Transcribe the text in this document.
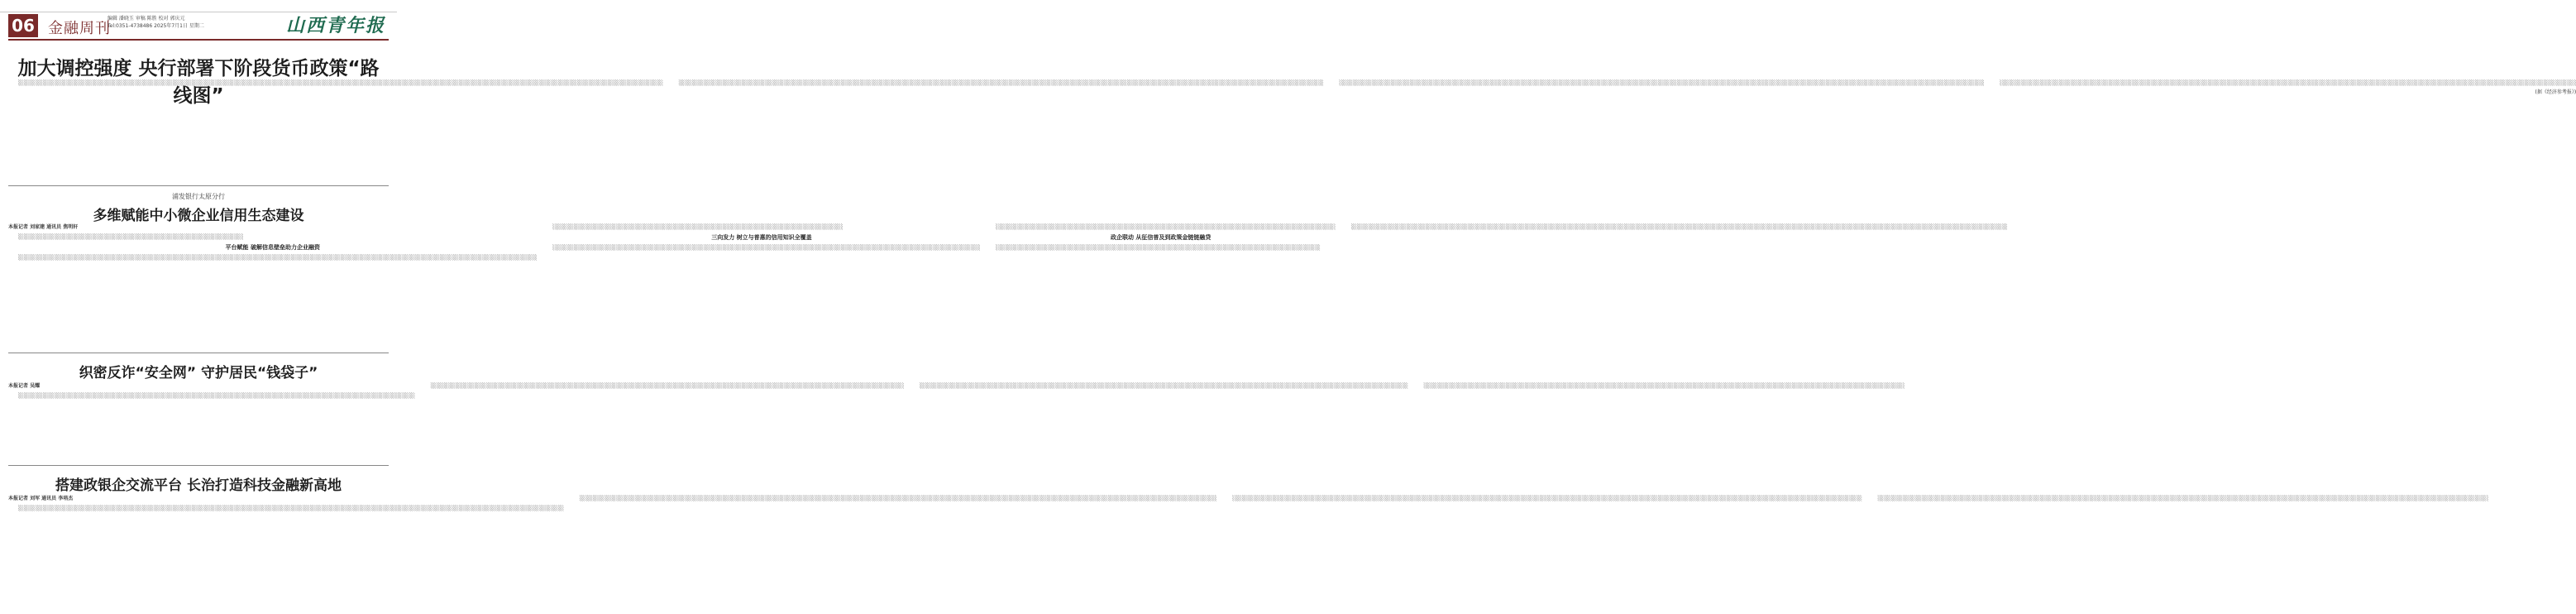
06 金融周刊
编辑 潘晓玉 审稿 陈胜 校对 郭庆元
Tel:0351-4738486 2025年7月1日 星期二	山西青年报
加大调控强度 央行部署下阶段货币政策“路线图”

░░░░░░░░░░░░░░░░░░░░░░░░░░░░░░░░░░░░░░░░░░░░░░░░░░░░░░░░░░░░░░░░░░░░░░░░░░░░░░░░░░░░░░░░░░░░░░░░░░░░░░░░░░░░░░░░░░░░░░░░░░░░░░░░░░░░░░░░░░░░░░░░░░░░░░░░░░░░░░░░░░░░░░░░░	░░░░░░░░░░░░░░░░░░░░░░░░░░░░░░░░░░░░░░░░░░░░░░░░░░░░░░░░░░░░░░░░░░░░░░░░░░░░░░░░░░░░░░░░░░░░░░░░░░░░░░░░░░░░░░░░░░░░░░░░░░░░░░░░░░░░░░░░░░░░░░░░░░░░░░░░░░░░░░░░░░░░░░░░░	░░░░░░░░░░░░░░░░░░░░░░░░░░░░░░░░░░░░░░░░░░░░░░░░░░░░░░░░░░░░░░░░░░░░░░░░░░░░░░░░░░░░░░░░░░░░░░░░░░░░░░░░░░░░░░░░░░░░░░░░░░░░░░░░░░░░░░░░░░░░░░░░░░░░░░░░░░░░░░░░░░░░░░░░░	░░░░░░░░░░░░░░░░░░░░░░░░░░░░░░░░░░░░░░░░░░░░░░░░░░░░░░░░░░░░░░░░░░░░░░░░░░░░░░░░░░░░░░░░░░░░░░░░░░░░░░░░░░░░░░░░░░░░░░░░░░░░░░░░░░░░░░░░░░░░░░░░░░░░░░░

(据《经济参考报》)
浦发银行太原分行
多维赋能中小微企业信用生态建设
本报记者 刘家建 通讯员 焦明轩

░░░░░░░░░░░░░░░░░░░░░░░░░░░░░░░░░░░░░░░░░░░░░░░░░░░░░░░░░░░

平台赋能 破解信息壁垒助力企业融资

░░░░░░░░░░░░░░░░░░░░░░░░░░░░░░░░░░░░░░░░░░░░░░░░░░░░░░░░░░░░░░░░░░░░░░░░░░░░░░░░░░░░░░░░░░░░░░░░░░░░░░░░░░░░░░░░░░░░░░░░░░░░░░░░░░░░░░░░

░░░░░░░░░░░░░░░░░░░░░░░░░░░░░░░░░░░░░░░░░░░░░░░░░░░░░░░░░░░░░░░░░░░░░░░░░░░░

三向发力 树立与普惠的信用知识全覆盖

░░░░░░░░░░░░░░░░░░░░░░░░░░░░░░░░░░░░░░░░░░░░░░░░░░░░░░░░░░░░░░░░░░░░░░░░░░░░░░░░░░░░░░░░░░░░░░░░░░░░░░░░░░░░░░░░

░░░░░░░░░░░░░░░░░░░░░░░░░░░░░░░░░░░░░░░░░░░░░░░░░░░░░░░░░░░░░░░░░░░░░░░░░░░░░░░░░░░░░░░░░

政企联动 从征信普及到政策金链链融贷

░░░░░░░░░░░░░░░░░░░░░░░░░░░░░░░░░░░░░░░░░░░░░░░░░░░░░░░░░░░░░░░░░░░░░░░░░░░░░░░░░░░░░

░░░░░░░░░░░░░░░░░░░░░░░░░░░░░░░░░░░░░░░░░░░░░░░░░░░░░░░░░░░░░░░░░░░░░░░░░░░░░░░░░░░░░░░░░░░░░░░░░░░░░░░░░░░░░░░░░░░░░░░░░░░░░░░░░░░░░░░░░░░░░░░░░░░░░░░░░░░░░░░░░░░░░░░░░░░░

织密反诈“安全网” 守护居民“钱袋子”
本报记者 吴耀

░░░░░░░░░░░░░░░░░░░░░░░░░░░░░░░░░░░░░░░░░░░░░░░░░░░░░░░░░░░░░░░░░░░░░░░░░░░░░░░░░░░░░░░░░░░░░░░░░░░░░░░░

░░░░░░░░░░░░░░░░░░░░░░░░░░░░░░░░░░░░░░░░░░░░░░░░░░░░░░░░░░░░░░░░░░░░░░░░░░░░░░░░░░░░░░░░░░░░░░░░░░░░░░░░░░░░░░░░░░░░░░░░░░░░	░░░░░░░░░░░░░░░░░░░░░░░░░░░░░░░░░░░░░░░░░░░░░░░░░░░░░░░░░░░░░░░░░░░░░░░░░░░░░░░░░░░░░░░░░░░░░░░░░░░░░░░░░░░░░░░░░░░░░░░░░░░░░░░░	░░░░░░░░░░░░░░░░░░░░░░░░░░░░░░░░░░░░░░░░░░░░░░░░░░░░░░░░░░░░░░░░░░░░░░░░░░░░░░░░░░░░░░░░░░░░░░░░░░░░░░░░░░░░░░░░░░░░░░░░░░░░░░

搭建政银企交流平台 长治打造科技金融新高地
本报记者 刘军 通讯员 李培杰

░░░░░░░░░░░░░░░░░░░░░░░░░░░░░░░░░░░░░░░░░░░░░░░░░░░░░░░░░░░░░░░░░░░░░░░░░░░░░░░░░░░░░░░░░░░░░░░░░░░░░░░░░░░░░░░░░░░░░░░░░░░░░░░░░░░░░░░░░░░░░░░

░░░░░░░░░░░░░░░░░░░░░░░░░░░░░░░░░░░░░░░░░░░░░░░░░░░░░░░░░░░░░░░░░░░░░░░░░░░░░░░░░░░░░░░░░░░░░░░░░░░░░░░░░░░░░░░░░░░░░░░░░░░░░░░░░░░░░░░░░░░░░░░░░░░░░░░░░░░░░░░░░░░░░░░	░░░░░░░░░░░░░░░░░░░░░░░░░░░░░░░░░░░░░░░░░░░░░░░░░░░░░░░░░░░░░░░░░░░░░░░░░░░░░░░░░░░░░░░░░░░░░░░░░░░░░░░░░░░░░░░░░░░░░░░░░░░░░░░░░░░░░░░░░░░░░░░░░░░░░░░░░░░░░░░░░░░░░	░░░░░░░░░░░░░░░░░░░░░░░░░░░░░░░░░░░░░░░░░░░░░░░░░░░░░░░░░░░░░░░░░░░░░░░░░░░░░░░░░░░░░░░░░░░░░░░░░░░░░░░░░░░░░░░░░░░░░░░░░░░░░░░░░░░░░░░░░░░░░░░░░░░░░░░░░░░░░░░░
